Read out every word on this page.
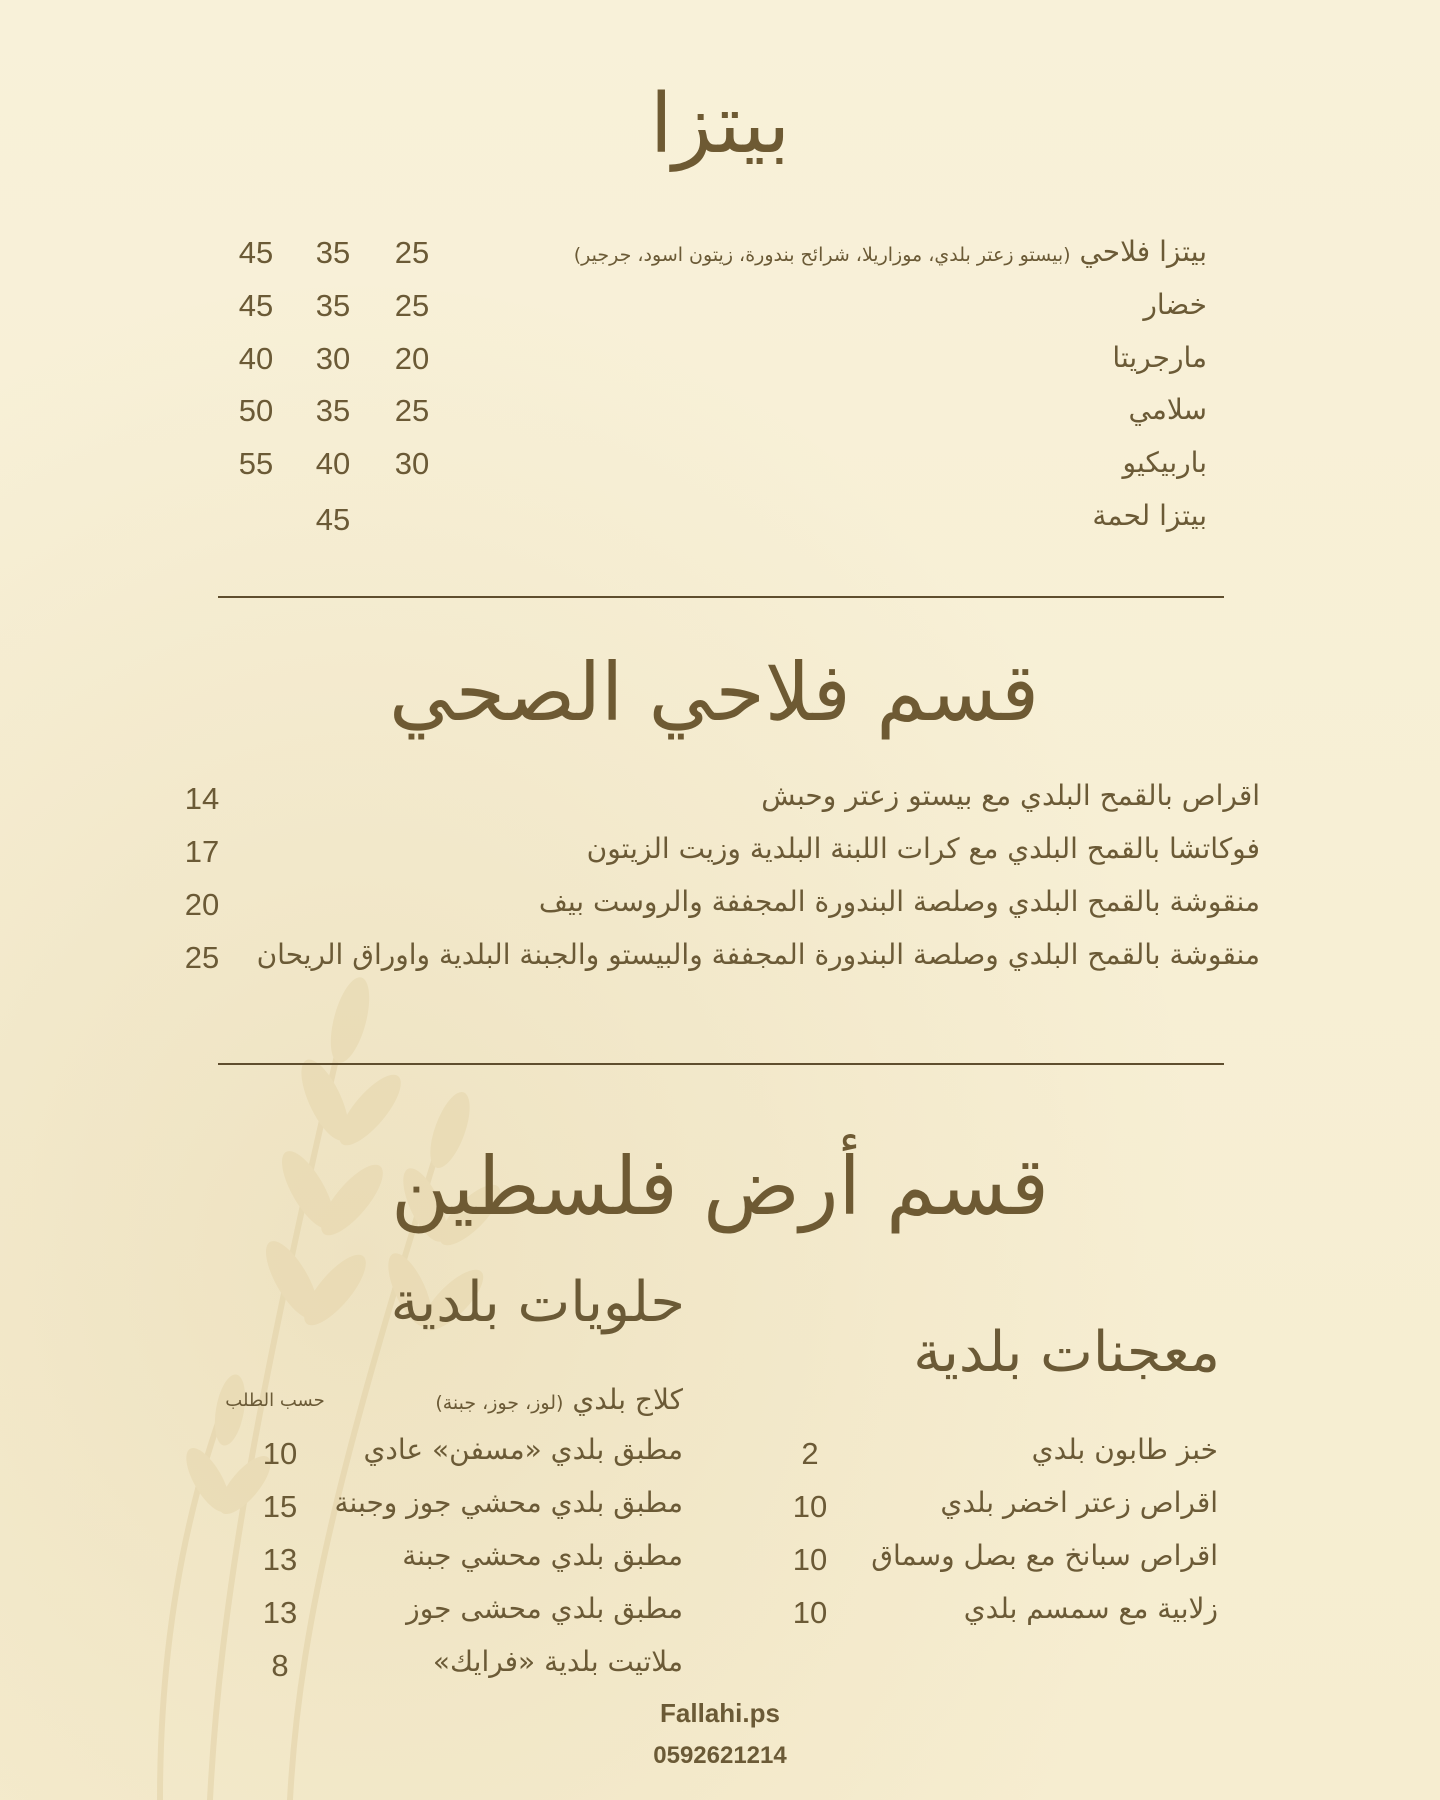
بيتزا
بيتزا فلاحي (بيستو زعتر بلدي، موزاريلا، شرائح بندورة، زيتون اسود، جرجير)
25
35
45
خضار
25
35
45
مارجريتا
20
30
40
سلامي
25
35
50
باربيكيو
30
40
55
بيتزا لحمة
45
قسم فلاحي الصحي
اقراص بالقمح البلدي مع بيستو زعتر وحبش
14
فوكاتشا بالقمح البلدي مع كرات اللبنة البلدية وزيت الزيتون
17
منقوشة بالقمح البلدي وصلصة البندورة المجففة والروست بيف
20
منقوشة بالقمح البلدي وصلصة البندورة المجففة والبيستو والجبنة البلدية واوراق الريحان
25
قسم أرض فلسطين
معجنات بلدية
خبز طابون بلدي
2
اقراص زعتر اخضر بلدي
10
اقراص سبانخ مع بصل وسماق
10
زلابية مع سمسم بلدي
10
حلويات بلدية
كلاج بلدي (لوز، جوز، جبنة)
حسب الطلب
مطبق بلدي «مسفن» عادي
10
مطبق بلدي محشي جوز وجبنة
15
مطبق بلدي محشي جبنة
13
مطبق بلدي محشى جوز
13
ملاتيت بلدية «فرايك»
8
Fallahi.ps
0592621214
